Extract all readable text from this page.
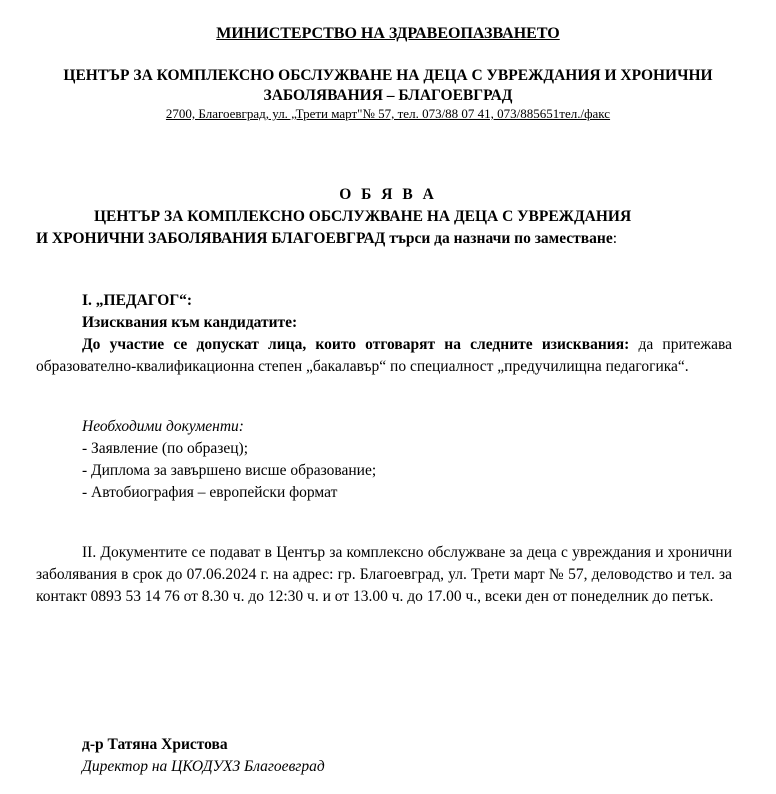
МИНИСТЕРСТВО НА ЗДРАВЕОПАЗВАНЕТО
ЦЕНТЪР ЗА КОМПЛЕКСНО ОБСЛУЖВАНЕ НА ДЕЦА С УВРЕЖДАНИЯ И ХРОНИЧНИ
ЗАБОЛЯВАНИЯ – БЛАГОЕВГРАД
2700, Благоевград, ул. „Трети март"№ 57, тел. 073/88 07 41, 073/885651тел./факс
О Б Я В А
ЦЕНТЪР ЗА КОМПЛЕКСНО ОБСЛУЖВАНЕ НА ДЕЦА С УВРЕЖДАНИЯ
И ХРОНИЧНИ ЗАБОЛЯВАНИЯ БЛАГОЕВГРАД търси да назначи по заместване:

I. „ПЕДАГОГ“:

Изисквания към кандидатите:

До участие се допускат лица, които отговарят на следните изисквания: да притежава образователно-квалификационна степен „бакалавър“ по специалност „предучилищна педагогика“.

Необходими документи:

- Заявление (по образец);

- Диплома за завършено висше образование;

- Автобиография – европейски формат

II. Документите се подават в Център за комплексно обслужване за деца с увреждания и хронични заболявания в срок до 07.06.2024 г. на адрес: гр. Благоевград, ул. Трети март № 57, деловодство и тел. за контакт 0893 53 14 76 от 8.30 ч. до 12:30 ч. и от 13.00 ч. до 17.00 ч., всеки ден от понеделник до петък.

д-р Татяна Христова

Директор на ЦКОДУХЗ Благоевград
